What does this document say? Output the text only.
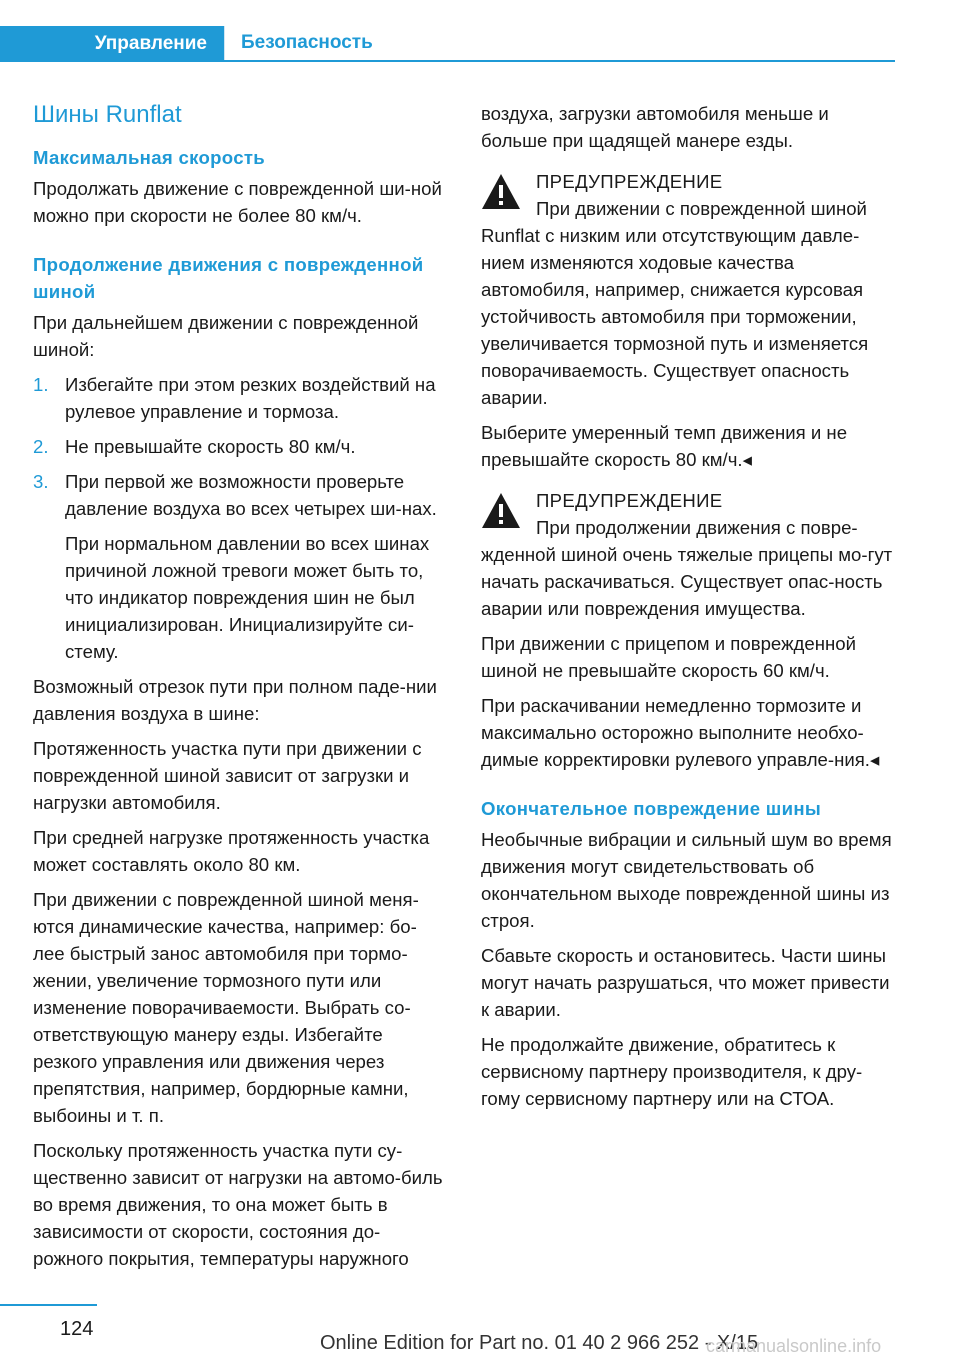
Управление	Безопасность
Шины Runflat
Максимальная скорость

Продолжать движение с поврежденной ши-ной можно при скорости не более 80 км/ч.

Продолжение движения с поврежденной шиной

При дальнейшем движении с поврежденной шиной:

1. Избегайте при этом резких воздействий на рулевое управление и тормоза.
2. Не превышайте скорость 80 км/ч.
3. При первой же возможности проверьте давление воздуха во всех четырех ши-нах.

При нормальном давлении во всех шинах причиной ложной тревоги может быть то, что индикатор повреждения шин не был инициализирован. Инициализируйте си-стему.

Возможный отрезок пути при полном паде-нии давления воздуха в шине:

Протяженность участка пути при движении с поврежденной шиной зависит от загрузки и нагрузки автомобиля.

При средней нагрузке протяженность участка может составлять около 80 км.

При движении с поврежденной шиной меня-ются динамические качества, например: бо-лее быстрый занос автомобиля при тормо-жении, увеличение тормозного пути или изменение поворачиваемости. Выбрать со-ответствующую манеру езды. Избегайте резкого управления или движения через препятствия, например, бордюрные камни, выбоины и т. п.

Поскольку протяженность участка пути су-щественно зависит от нагрузки на автомо-биль во время движения, то она может быть в зависимости от скорости, состояния до-рожного покрытия, температуры наружного

воздуха, загрузки автомобиля меньше и больше при щадящей манере езды.

ПРЕДУПРЕЖДЕНИЕ
При движении с поврежденной шиной

Runflat с низким или отсутствующим давле-нием изменяются ходовые качества автомобиля, например, снижается курсовая устойчивость автомобиля при торможении, увеличивается тормозной путь и изменяется поворачиваемость. Существует опасность аварии.

Выберите умеренный темп движения и не превышайте скорость 80 км/ч.◂

ПРЕДУПРЕЖДЕНИЕ
При продолжении движения с повре-

жденной шиной очень тяжелые прицепы мо-гут начать раскачиваться. Существует опас-ность аварии или повреждения имущества.

При движении с прицепом и поврежденной шиной не превышайте скорость 60 км/ч.

При раскачивании немедленно тормозите и максимально осторожно выполните необхо-димые корректировки рулевого управле-ния.◂

Окончательное повреждение шины

Необычные вибрации и сильный шум во время движения могут свидетельствовать об окончательном выходе поврежденной шины из строя.

Сбавьте скорость и остановитесь. Части шины могут начать разрушаться, что может привести к аварии.

Не продолжайте движение, обратитесь к сервисному партнеру производителя, к дру-гому сервисному партнеру или на СТОА.

124
Online Edition for Part no. 01 40 2 966 252 - X/15
carmanualsonline.info
